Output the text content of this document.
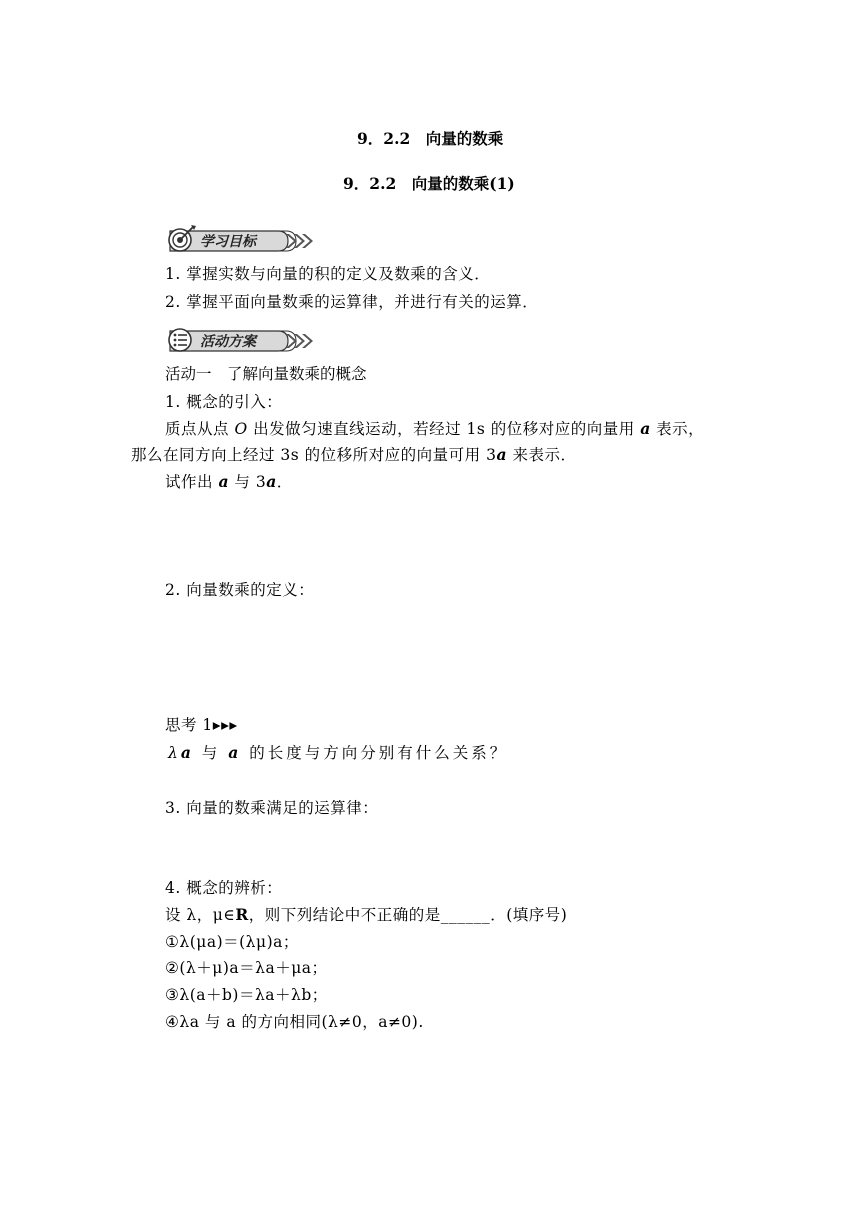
9．2.2　向量的数乘
9．2.2　向量的数乘(1)
学习目标
1. 掌握实数与向量的积的定义及数乘的含义．
2. 掌握平面向量数乘的运算律，并进行有关的运算．
活动方案
活动一　了解向量数乘的概念
1. 概念的引入：
质点从点 O 出发做匀速直线运动，若经过 1s 的位移对应的向量用 a 表示，
那么在同方向上经过 3s 的位移所对应的向量可用 3a 来表示．
试作出 a 与 3a．
2. 向量数乘的定义：
思考 1▸▸▸
λa 与 a 的长度与方向分别有什么关系？
3. 向量的数乘满足的运算律：
4. 概念的辨析：
设 λ，μ∈R，则下列结论中不正确的是______．(填序号)
①λ(μa)＝(λμ)a；
②(λ＋μ)a＝λa＋μa；
③λ(a＋b)＝λa＋λb；
④λa 与 a 的方向相同(λ≠0，a≠0).
